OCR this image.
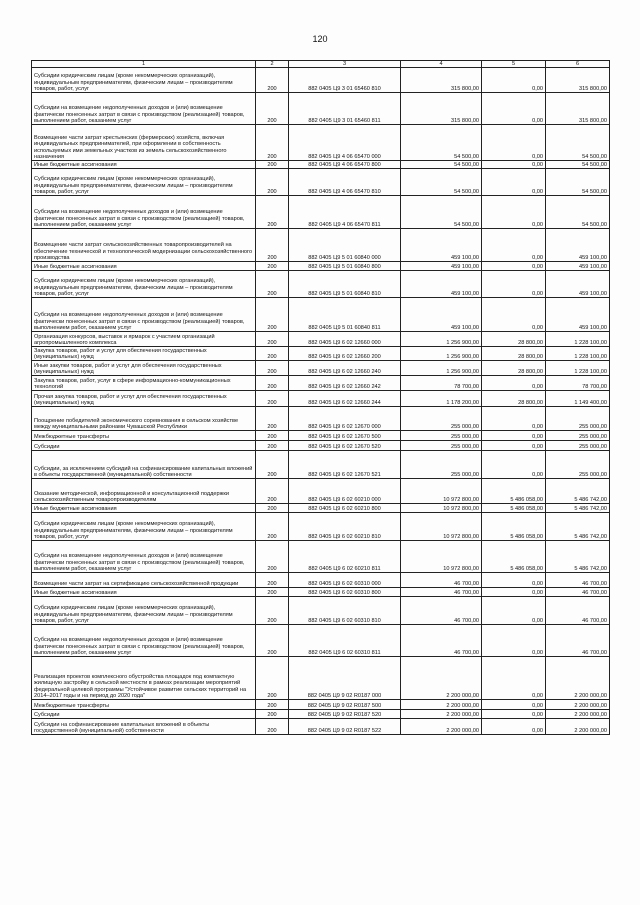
120
1	2	3	4	5	6
Субсидии юридическим лицам (кроме некоммерческих организаций), индивидуальным предпринимателям, физическим лицам – производителям товаров, работ, услуг	200	882 0405 Ц9 3 01 65460 810	315 800,00	0,00	315 800,00
Субсидии на возмещение недополученных доходов и (или) возмещение фактически понесенных затрат в связи с производством (реализацией) товаров, выполнением работ, оказанием услуг	200	882 0405 Ц9 3 01 65460 811	315 800,00	0,00	315 800,00
Возмещение части затрат крестьянских (фермерских) хозяйств, включая индивидуальных предпринимателей, при оформлении в собственность используемых ими земельных участков из земель сельскохозяйственного назначения	200	882 0405 Ц9 4 06 65470 000	54 500,00	0,00	54 500,00
Иные бюджетные ассигнования	200	882 0405 Ц9 4 06 65470 800	54 500,00	0,00	54 500,00
Субсидии юридическим лицам (кроме некоммерческих организаций), индивидуальным предпринимателям, физическим лицам – производителям товаров, работ, услуг	200	882 0405 Ц9 4 06 65470 810	54 500,00	0,00	54 500,00
Субсидии на возмещение недополученных доходов и (или) возмещение фактически понесенных затрат в связи с производством (реализацией) товаров, выполнением работ, оказанием услуг	200	882 0405 Ц9 4 06 65470 811	54 500,00	0,00	54 500,00
Возмещение части затрат сельскохозяйственных товаропроизводителей на обеспечение технической и технологической модернизации сельскохозяйственного производства	200	882 0405 Ц9 5 01 60840 000	459 100,00	0,00	459 100,00
Иные бюджетные ассигнования	200	882 0405 Ц9 5 01 60840 800	459 100,00	0,00	459 100,00
Субсидии юридическим лицам (кроме некоммерческих организаций), индивидуальным предпринимателям, физическим лицам – производителям товаров, работ, услуг	200	882 0405 Ц9 5 01 60840 810	459 100,00	0,00	459 100,00
Субсидии на возмещение недополученных доходов и (или) возмещение фактически понесенных затрат в связи с производством (реализацией) товаров, выполнением работ, оказанием услуг	200	882 0405 Ц9 5 01 60840 811	459 100,00	0,00	459 100,00
Организация конкурсов, выставок и ярмарок с участием организаций агропромышленного комплекса	200	882 0405 Ц9 6 02 12660 000	1 256 900,00	28 800,00	1 228 100,00
Закупка товаров, работ и услуг для обеспечения государственных (муниципальных) нужд	200	882 0405 Ц9 6 02 12660 200	1 256 900,00	28 800,00	1 228 100,00
Иные закупки товаров, работ и услуг для обеспечения государственных (муниципальных) нужд	200	882 0405 Ц9 6 02 12660 240	1 256 900,00	28 800,00	1 228 100,00
Закупка товаров, работ, услуг в сфере информационно-коммуникационных технологий	200	882 0405 Ц9 6 02 12660 242	78 700,00	0,00	78 700,00
Прочая закупка товаров, работ и услуг для обеспечения государственных (муниципальных) нужд	200	882 0405 Ц9 6 02 12660 244	1 178 200,00	28 800,00	1 149 400,00
Поощрение победителей экономического соревнования в сельском хозяйстве между муниципальными районами Чувашской Республики	200	882 0405 Ц9 6 02 12670 000	255 000,00	0,00	255 000,00
Межбюджетные трансферты	200	882 0405 Ц9 6 02 12670 500	255 000,00	0,00	255 000,00
Субсидии	200	882 0405 Ц9 6 02 12670 520	255 000,00	0,00	255 000,00
Субсидии, за исключением субсидий на софинансирование капитальных вложений в объекты государственной (муниципальной) собственности	200	882 0405 Ц9 6 02 12670 521	255 000,00	0,00	255 000,00
Оказание методической, информационной и консультационной поддержки сельскохозяйственным товаропроизводителям	200	882 0405 Ц9 6 02 60210 000	10 972 800,00	5 486 058,00	5 486 742,00
Иные бюджетные ассигнования	200	882 0405 Ц9 6 02 60210 800	10 972 800,00	5 486 058,00	5 486 742,00
Субсидии юридическим лицам (кроме некоммерческих организаций), индивидуальным предпринимателям, физическим лицам – производителям товаров, работ, услуг	200	882 0405 Ц9 6 02 60210 810	10 972 800,00	5 486 058,00	5 486 742,00
Субсидии на возмещение недополученных доходов и (или) возмещение фактически понесенных затрат в связи с производством (реализацией) товаров, выполнением работ, оказанием услуг	200	882 0405 Ц9 6 02 60210 811	10 972 800,00	5 486 058,00	5 486 742,00
Возмещение части затрат на сертификацию сельскохозяйственной продукции	200	882 0405 Ц9 6 02 60310 000	46 700,00	0,00	46 700,00
Иные бюджетные ассигнования	200	882 0405 Ц9 6 02 60310 800	46 700,00	0,00	46 700,00
Субсидии юридическим лицам (кроме некоммерческих организаций), индивидуальным предпринимателям, физическим лицам – производителям товаров, работ, услуг	200	882 0405 Ц9 6 02 60310 810	46 700,00	0,00	46 700,00
Субсидии на возмещение недополученных доходов и (или) возмещение фактически понесенных затрат в связи с производством (реализацией) товаров, выполнением работ, оказанием услуг	200	882 0405 Ц9 6 02 60310 811	46 700,00	0,00	46 700,00
Реализация проектов комплексного обустройства площадок под компактную жилищную застройку в сельской местности в рамках реализации мероприятий федеральной целевой программы "Устойчивое развитие сельских территорий на 2014–2017 годы и на период до 2020 года"	200	882 0405 Ц9 9 02 R0187 000	2 200 000,00	0,00	2 200 000,00
Межбюджетные трансферты	200	882 0405 Ц9 9 02 R0187 500	2 200 000,00	0,00	2 200 000,00
Субсидии	200	882 0405 Ц9 9 02 R0187 520	2 200 000,00	0,00	2 200 000,00
Субсидии на софинансирование капитальных вложений в объекты государственной (муниципальной) собственности	200	882 0405 Ц9 9 02 R0187 522	2 200 000,00	0,00	2 200 000,00
